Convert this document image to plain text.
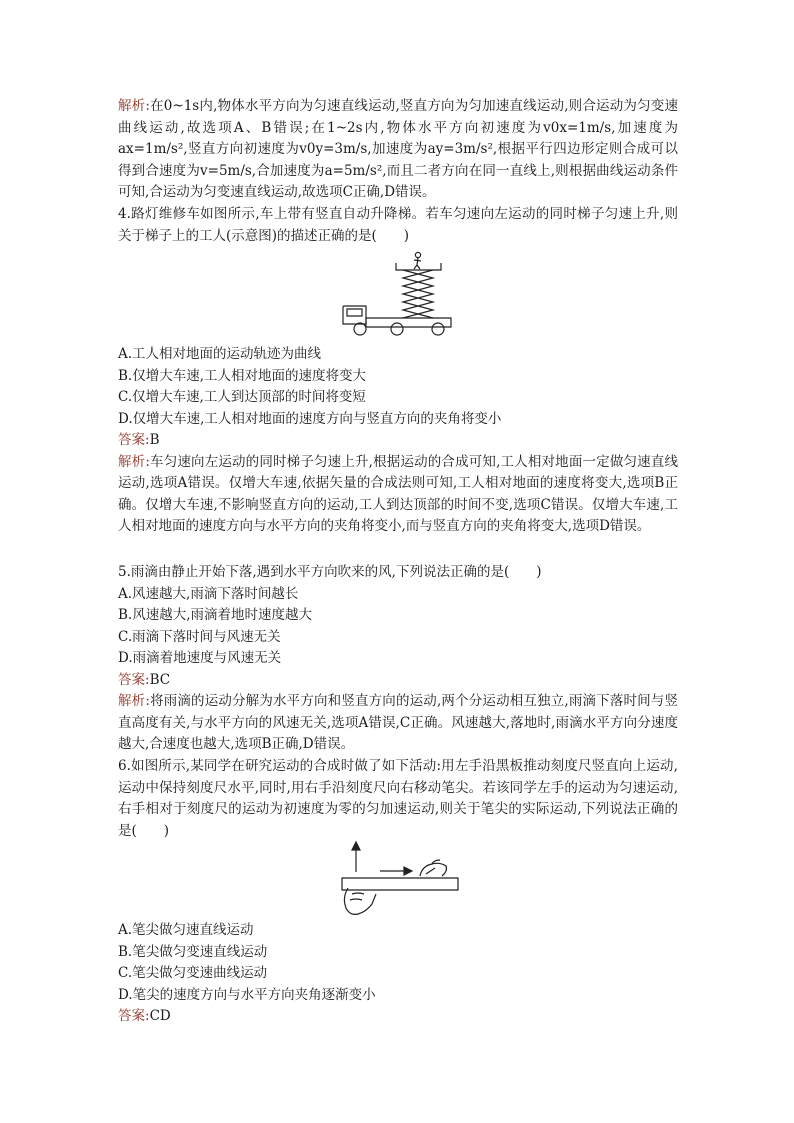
解析:在0~1s内,物体水平方向为匀速直线运动,竖直方向为匀加速直线运动,则合运动为匀变速曲线运动,故选项A、B错误;在1~2s内,物体水平方向初速度为v0x=1m/s,加速度为ax=1m/s²,竖直方向初速度为v0y=3m/s,加速度为ay=3m/s²,根据平行四边形定则合成可以得到合速度为v=5m/s,合加速度为a=5m/s²,而且二者方向在同一直线上,则根据曲线运动条件可知,合运动为匀变速直线运动,故选项C正确,D错误。

4.路灯维修车如图所示,车上带有竖直自动升降梯。若车匀速向左运动的同时梯子匀速上升,则关于梯子上的工人(示意图)的描述正确的是(　　)

A.工人相对地面的运动轨迹为曲线
B.仅增大车速,工人相对地面的速度将变大
C.仅增大车速,工人到达顶部的时间将变短
D.仅增大车速,工人相对地面的速度方向与竖直方向的夹角将变小

答案:B

解析:车匀速向左运动的同时梯子匀速上升,根据运动的合成可知,工人相对地面一定做匀速直线运动,选项A错误。仅增大车速,依据矢量的合成法则可知,工人相对地面的速度将变大,选项B正确。仅增大车速,不影响竖直方向的运动,工人到达顶部的时间不变,选项C错误。仅增大车速,工人相对地面的速度方向与水平方向的夹角将变小,而与竖直方向的夹角将变大,选项D错误。

5.雨滴由静止开始下落,遇到水平方向吹来的风,下列说法正确的是(　　)

A.风速越大,雨滴下落时间越长
B.风速越大,雨滴着地时速度越大
C.雨滴下落时间与风速无关
D.雨滴着地速度与风速无关

答案:BC

解析:将雨滴的运动分解为水平方向和竖直方向的运动,两个分运动相互独立,雨滴下落时间与竖直高度有关,与水平方向的风速无关,选项A错误,C正确。风速越大,落地时,雨滴水平方向分速度越大,合速度也越大,选项B正确,D错误。

6.如图所示,某同学在研究运动的合成时做了如下活动:用左手沿黑板推动刻度尺竖直向上运动,运动中保持刻度尺水平,同时,用右手沿刻度尺向右移动笔尖。若该同学左手的运动为匀速运动,右手相对于刻度尺的运动为初速度为零的匀加速运动,则关于笔尖的实际运动,下列说法正确的是(　　)

A.笔尖做匀速直线运动
B.笔尖做匀变速直线运动
C.笔尖做匀变速曲线运动
D.笔尖的速度方向与水平方向夹角逐渐变小

答案:CD
